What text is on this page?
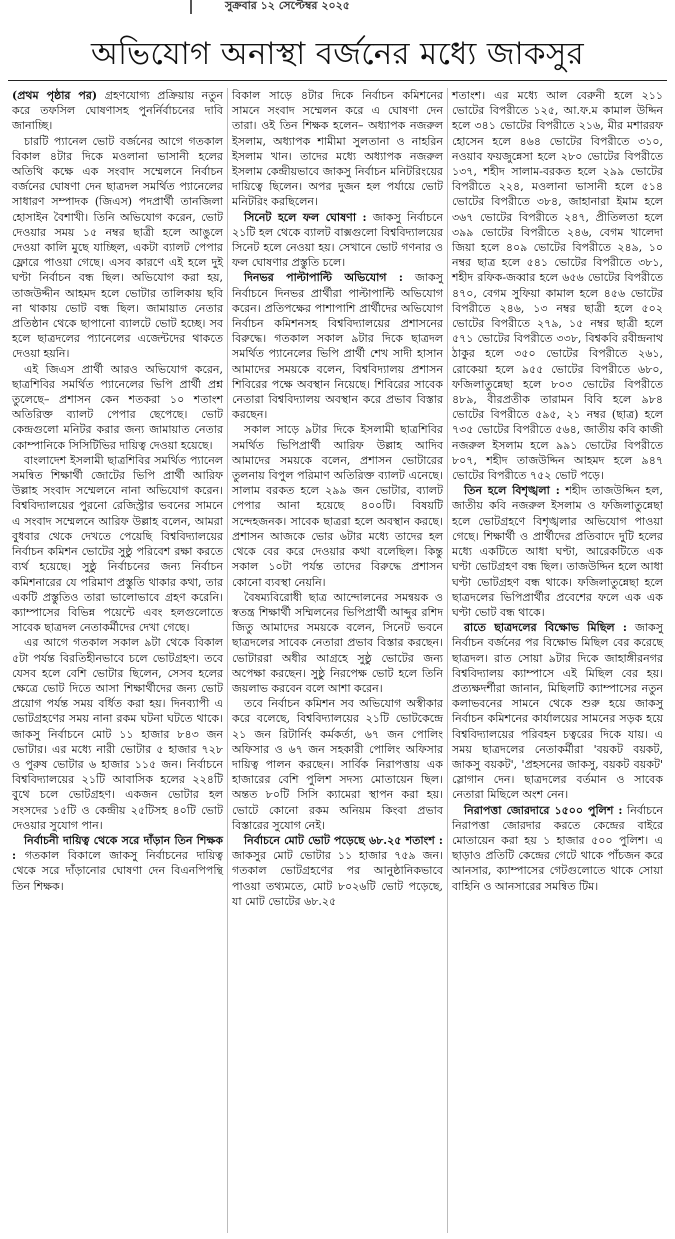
সুক্রবার ১২ সেপ্টেম্বর ২০২৫
অভিযোগ অনাস্থা বর্জনের মধ্যে জাকসুর

(প্রথম পৃষ্ঠার পর) গ্রহণযোগ্য প্রক্রিয়ায় নতুন করে তফসিল ঘোষণাসহ পুনর্নির্বাচনের দাবি জানাচ্ছি।

চারটি প্যানেল ভোট বর্জনের আগে গতকাল বিকাল ৪টার দিকে মওলানা ভাসানী হলের অতিথি কক্ষে এক সংবাদ সম্মেলনে নির্বাচন বর্জনের ঘোষণা দেন ছাত্রদল সমর্থিত প্যানেলের সাধারণ সম্পাদক (জিএস) পদপ্রার্থী তানজিলা হোসাইন বৈশাখী। তিনি অভিযোগ করেন, ভোট দেওয়ার সময় ১৫ নম্বর ছাত্রী হলে আঙুলে দেওয়া কালি মুছে যাচ্ছিল, একটা ব্যালট পেপার ফ্লোরে পাওয়া গেছে। এসব কারণে এই হলে দুই ঘণ্টা নির্বাচন বন্ধ ছিল। অভিযোগ করা হয়, তাজউদ্দীন আহমদ হলে ভোটার তালিকায় ছবি না থাকায় ভোট বন্ধ ছিল। জামায়াত নেতার প্রতিষ্ঠান থেকে ছাপানো ব্যালটে ভোট হচ্ছে। সব হলে ছাত্রদলের প্যানেলের এজেন্টদের থাকতে দেওয়া হয়নি।

এই জিএস প্রার্থী আরও অভিযোগ করেন, ছাত্রশিবির সমর্থিত প্যানেলের ভিপি প্রার্থী প্রশ্ন তুলেছে– প্রশাসন কেন শতকরা ১০ শতাংশ অতিরিক্ত ব্যালট পেপার ছেপেছে। ভোট কেন্দ্রগুলো মনিটর করার জন্য জামায়াত নেতার কোম্পানিকে সিসিটিভির দায়িত্ব দেওয়া হয়েছে।

বাংলাদেশ ইসলামী ছাত্রশিবির সমর্থিত প্যানেল সমন্বিত শিক্ষার্থী জোটের ভিপি প্রার্থী আরিফ উল্লাহ সংবাদ সম্মেলনে নানা অভিযোগ করেন। বিশ্ববিদ্যালয়ের পুরনো রেজিস্ট্রার ভবনের সামনে এ সংবাদ সম্মেলনে আরিফ উল্লাহ বলেন, আমরা বুধবার থেকে দেখতে পেয়েছি বিশ্ববিদ্যালয়ের নির্বাচন কমিশন ভোটের সুষ্ঠু পরিবেশ রক্ষা করতে ব্যর্থ হয়েছে। সুষ্ঠু নির্বাচনের জন্য নির্বাচন কমিশনারের যে পরিমাণ প্রস্তুতি থাকার কথা, তার একটি প্রস্তুতিও তারা ভালোভাবে গ্রহণ করেনি। ক্যাম্পাসের বিভিন্ন পয়েন্টে এবং হলগুলোতে সাবেক ছাত্রদল নেতাকর্মীদের দেখা গেছে।

এর আগে গতকাল সকাল ৯টা থেকে বিকাল ৫টা পর্যন্ত বিরতিহীনভাবে চলে ভোটগ্রহণ। তবে যেসব হলে বেশি ভোটার ছিলেন, সেসব হলের ক্ষেত্রে ভোট দিতে আসা শিক্ষার্থীদের জন্য ভোট প্রয়োগ পর্যন্ত সময় বর্ধিত করা হয়। দিনব্যাপী এ ভোটগ্রহণের সময় নানা রকম ঘটনা ঘটতে থাকে। জাকসু নির্বাচনে মোট ১১ হাজার ৮৪৩ জন ভোটার। এর মধ্যে নারী ভোটার ৫ হাজার ৭২৮ ও পুরুষ ভোটার ৬ হাজার ১১৫ জন। নির্বাচনে বিশ্ববিদ্যালয়ের ২১টি আবাসিক হলের ২২৪টি বুথে চলে ভোটগ্রহণ। একজন ভোটার হল সংসদের ১৫টি ও কেন্দ্রীয় ২৫টিসহ ৪০টি ভোট দেওয়ার সুযোগ পান।

নির্বাচনী দায়িত্ব থেকে সরে দাঁড়ান তিন শিক্ষক : গতকাল বিকালে জাকসু নির্বাচনের দায়িত্ব থেকে সরে দাঁড়ানোর ঘোষণা দেন বিএনপিপন্থি তিন শিক্ষক।

বিকাল সাড়ে ৪টার দিকে নির্বাচন কমিশনের সামনে সংবাদ সম্মেলন করে এ ঘোষণা দেন তারা। ওই তিন শিক্ষক হলেন– অধ্যাপক নজরুল ইসলাম, অধ্যাপক শামীমা সুলতানা ও নাহরিন ইসলাম খান। তাদের মধ্যে অধ্যাপক নজরুল ইসলাম কেন্দ্রীয়ভাবে জাকসু নির্বাচন মনিটরিংয়ের দায়িত্বে ছিলেন। অপর দুজন হল পর্যায়ে ভোট মনিটরিং করছিলেন।

সিনেট হলে ফল ঘোষণা : জাকসু নির্বাচনে ২১টি হল থেকে ব্যালট বাক্সগুলো বিশ্ববিদ্যালয়ের সিনেট হলে নেওয়া হয়। সেখানে ভোট গণনার ও ফল ঘোষণার প্রস্তুতি চলে।

দিনভর পাল্টাপাল্টি অভিযোগ : জাকসু নির্বাচনে দিনভর প্রার্থীরা পাল্টাপাল্টি অভিযোগ করেন। প্রতিপক্ষের পাশাপাশি প্রার্থীদের অভিযোগ নির্বাচন কমিশনসহ বিশ্ববিদ্যালয়ের প্রশাসনের বিরুদ্ধে। গতকাল সকাল ৯টার দিকে ছাত্রদল সমর্থিত প্যানেলের ভিপি প্রার্থী শেখ সাদী হাসান আমাদের সময়কে বলেন, বিশ্ববিদ্যালয় প্রশাসন শিবিরের পক্ষে অবস্থান নিয়েছে। শিবিরের সাবেক নেতারা বিশ্ববিদ্যালয় অবস্থান করে প্রভাব বিস্তার করছেন।

সকাল সাড়ে ৯টার দিকে ইসলামী ছাত্রশিবির সমর্থিত ভিপিপ্রার্থী আরিফ উল্লাহ আদিব আমাদের সময়কে বলেন, প্রশাসন ভোটারের তুলনায় বিপুল পরিমাণ অতিরিক্ত ব্যালট এনেছে। সালাম বরকত হলে ২৯৯ জন ভোটার, ব্যালট পেপার আনা হয়েছে ৪০০টি। বিষয়টি সন্দেহজনক। সাবেক ছাত্ররা হলে অবস্থান করছে। প্রশাসন আজকে ভোর ৬টার মধ্যে তাদের হল থেকে বের করে দেওয়ার কথা বলেছিল। কিন্তু সকাল ১০টা পর্যন্ত তাদের বিরুদ্ধে প্রশাসন কোনো ব্যবস্থা নেয়নি।

বৈষম্যবিরোধী ছাত্র আন্দোলনের সমন্বয়ক ও স্বতন্ত্র শিক্ষার্থী সম্মিলনের ভিপিপ্রার্থী আব্দুর রশিদ জিতু আমাদের সময়কে বলেন, সিনেট ভবনে ছাত্রদলের সাবেক নেতারা প্রভাব বিস্তার করছেন। ভোটাররা অধীর আগ্রহে সুষ্ঠু ভোটের জন্য অপেক্ষা করছেন। সুষ্ঠু নিরপেক্ষ ভোট হলে তিনি জয়লাভ করবেন বলে আশা করেন।

তবে নির্বাচন কমিশন সব অভিযোগ অস্বীকার করে বলেছে, বিশ্ববিদ্যালয়ের ২১টি ভোটকেন্দ্রে ২১ জন রিটার্নিং কর্মকর্তা, ৬৭ জন পোলিং অফিসার ও ৬৭ জন সহকারী পোলিং অফিসার দায়িত্ব পালন করছেন। সার্বিক নিরাপত্তায় এক হাজারের বেশি পুলিশ সদস্য মোতায়েন ছিল। অন্তত ৮০টি সিসি ক্যামেরা স্থাপন করা হয়। ভোটে কোনো রকম অনিয়ম কিংবা প্রভাব বিস্তারের সুযোগ নেই।

নির্বাচনে মোট ভোট পড়েছে ৬৮.২৫ শতাংশ : জাকসুর মোট ভোটার ১১ হাজার ৭৫৯ জন। গতকাল ভোটগ্রহণের পর আনুষ্ঠানিকভাবে পাওয়া তথ্যমতে, মোট ৮০২৬টি ভোট পড়েছে, যা মোট ভোটের ৬৮.২৫

শতাংশ। এর মধ্যে আল বেরুনী হলে ২১১ ভোটের বিপরীতে ১২৫, আ.ফ.ম কামাল উদ্দিন হলে ৩৪১ ভোটের বিপরীতে ২১৬, মীর মশাররফ হোসেন হলে ৪৬৪ ভোটের বিপরীতে ৩১০, নওয়াব ফয়জুন্নেসা হলে ২৮০ ভোটের বিপরীতে ১৩৭, শহীদ সালাম-বরকত হলে ২৯৯ ভোটের বিপরীতে ২২৪, মওলানা ভাসানী হলে ৫১৪ ভোটের বিপরীতে ৩৮৪, জাহানারা ইমাম হলে ৩৬৭ ভোটের বিপরীতে ২৪৭, প্রীতিলতা হলে ৩৯৯ ভোটের বিপরীতে ২৪৬, বেগম খালেদা জিয়া হলে ৪০৯ ভোটের বিপরীতে ২৪৯, ১০ নম্বর ছাত্র হলে ৫৪১ ভোটের বিপরীতে ৩৮১, শহীদ রফিক-জব্বার হলে ৬৫৬ ভোটের বিপরীতে ৪৭০, বেগম সুফিয়া কামাল হলে ৪৫৬ ভোটের বিপরীতে ২৪৬, ১৩ নম্বর ছাত্রী হলে ৫০২ ভোটের বিপরীতে ২৭৯, ১৫ নম্বর ছাত্রী হলে ৫৭১ ভোটের বিপরীতে ৩৩৮, বিশ্বকবি রবীন্দ্রনাথ ঠাকুর হলে ৩৫০ ভোটের বিপরীতে ২৬১, রোকেয়া হলে ৯৫৫ ভোটের বিপরীতে ৬৮০, ফজিলাতুন্নেছা হলে ৮০৩ ভোটের বিপরীতে ৪৮৯, বীরপ্রতীক তারামন বিবি হলে ৯৮৪ ভোটের বিপরীতে ৫৯৫, ২১ নম্বর (ছাত্র) হলে ৭৩৫ ভোটের বিপরীতে ৫৬৪, জাতীয় কবি কাজী নজরুল ইসলাম হলে ৯৯১ ভোটের বিপরীতে ৮০৭, শহীদ তাজউদ্দিন আহমদ হলে ৯৪৭ ভোটের বিপরীতে ৭৫২ ভোট পড়ে।

তিন হলে বিশৃঙ্খলা : শহীদ তাজউদ্দিন হল, জাতীয় কবি নজরুল ইসলাম ও ফজিলাতুন্নেছা হলে ভোটগ্রহণে বিশৃঙ্খলার অভিযোগ পাওয়া গেছে। শিক্ষার্থী ও প্রার্থীদের প্রতিবাদে দুটি হলের মধ্যে একটিতে আধা ঘণ্টা, আরেকটিতে এক ঘণ্টা ভোটগ্রহণ বন্ধ ছিল। তাজউদ্দিন হলে আধা ঘণ্টা ভোটগ্রহণ বন্ধ থাকে। ফজিলাতুন্নেছা হলে ছাত্রদলের ভিপিপ্রার্থীর প্রবেশের ফলে এক এক ঘণ্টা ভোট বন্ধ থাকে।

রাতে ছাত্রদলের বিক্ষোভ মিছিল : জাকসু নির্বাচন বর্জনের পর বিক্ষোভ মিছিল বের করেছে ছাত্রদল। রাত সোয়া ৯টার দিকে জাহাঙ্গীরনগর বিশ্ববিদ্যালয় ক্যাম্পাসে এই মিছিল বের হয়। প্রত্যক্ষদর্শীরা জানান, মিছিলটি ক্যাম্পাসের নতুন কলাভবনের সামনে থেকে শুরু হয়ে জাকসু নির্বাচন কমিশনের কার্যালয়ের সামনের সড়ক হয়ে বিশ্ববিদ্যালয়ের পরিবহন চত্বরের দিকে যায়। এ সময় ছাত্রদলের নেতাকর্মীরা 'বয়কট বয়কট, জাকসু বয়কট', 'প্রহসনের জাকসু, বয়কট বয়কট' স্লোগান দেন। ছাত্রদলের বর্তমান ও সাবেক নেতারা মিছিলে অংশ নেন।

নিরাপত্তা জোরদারে ১৫০০ পুলিশ : নির্বাচনে নিরাপত্তা জোরদার করতে কেন্দ্রের বাইরে মোতায়েন করা হয় ১ হাজার ৫০০ পুলিশ। এ ছাড়াও প্রতিটি কেন্দ্রের গেটে থাকে পাঁচজন করে আনসার, ক্যাম্পাসের গেটগুলোতে থাকে সোয়া বাহিনি ও আনসারের সমন্বিত টিম।
